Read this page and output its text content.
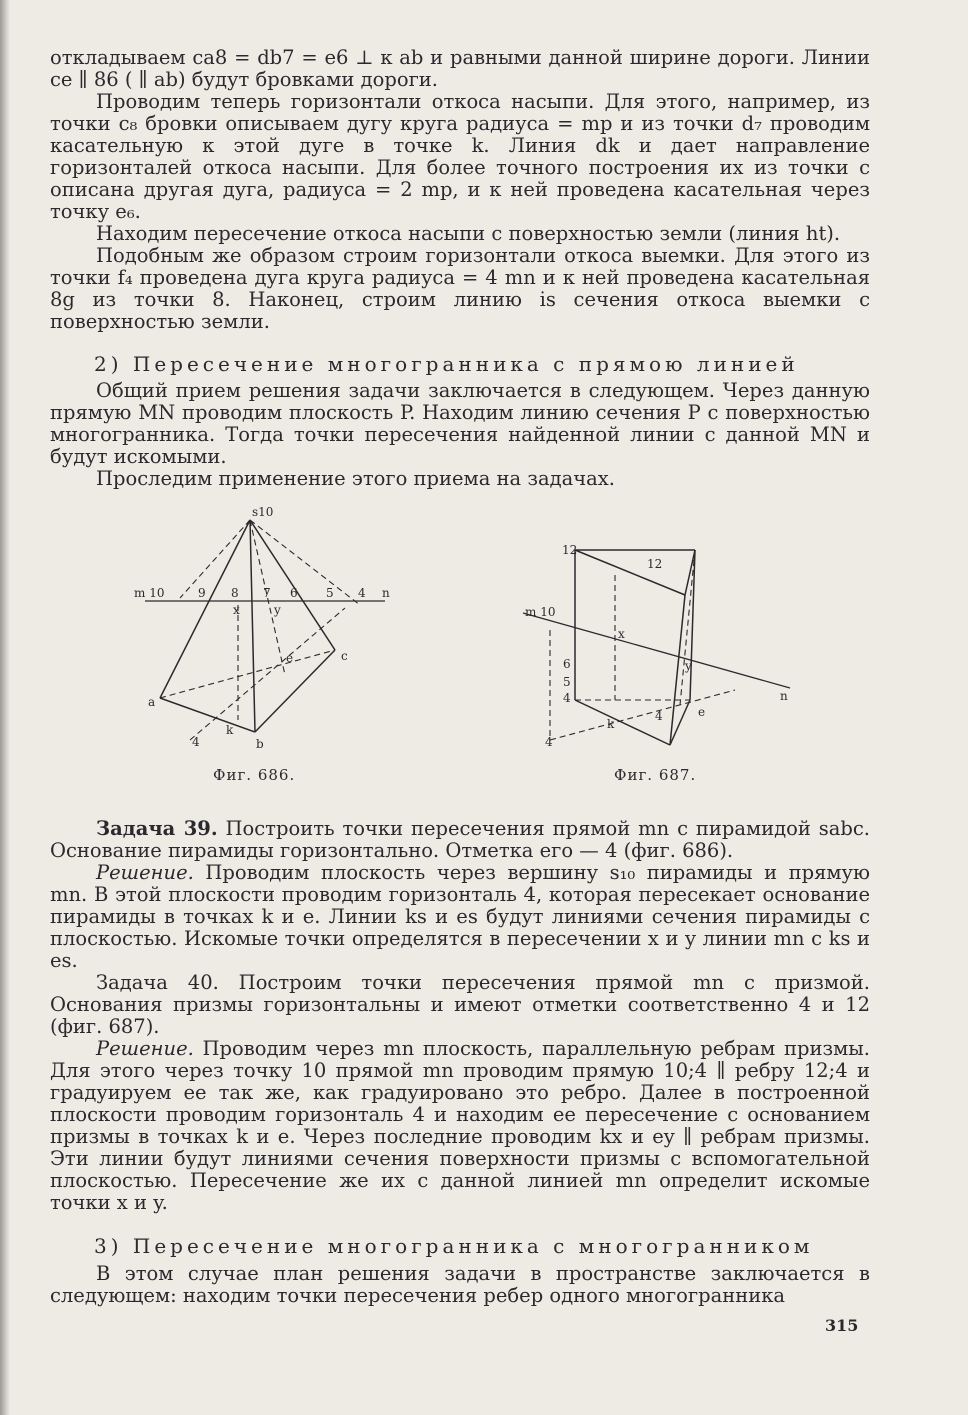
откладываем ca8 = db7 = e6 ⊥ к ab и равными данной ширине дороги. Линии ce ∥ 86 ( ∥ ab) будут бровками дороги.

Проводим теперь горизонтали откоса насыпи. Для этого, например, из точки c₈ бровки описываем дугу круга радиуса = mp и из точки d₇ проводим касательную к этой дуге в точке k. Линия dk и дает направление горизонталей откоса насыпи. Для более точного построения их из точки c описана другая дуга, радиуса = 2 mp, и к ней проведена касательная через точку e₆.

Находим пересечение откоса насыпи с поверхностью земли (линия ht).

Подобным же образом строим горизонтали откоса выемки. Для этого из точки f₄ проведена дуга круга радиуса = 4 mn и к ней проведена касательная 8g из точки 8. Наконец, строим линию is сечения откоса выемки с поверхностью земли.

2) Пересечение многогранника с прямою линией

Общий прием решения задачи заключается в следующем. Через данную прямую MN проводим плоскость P. Находим линию сечения P с поверхностью многогранника. Тогда точки пересечения найденной линии с данной MN и будут искомыми.

Проследим применение этого приема на задачах.

s10
m 10	9 8 7 6 5 4 n
x	y
e	c
a
k
b
4
12
12
m 10
x
y
6
5
4
k
e
4
4
n
Фиг. 686.	Фиг. 687.

Задача 39. Построить точки пересечения прямой mn с пирамидой sabc. Основание пирамиды горизонтально. Отметка его — 4 (фиг. 686).

Решение. Проводим плоскость через вершину s₁₀ пирамиды и прямую mn. В этой плоскости проводим горизонталь 4, которая пересекает основание пирамиды в точках k и e. Линии ks и es будут линиями сечения пирамиды с плоскостью. Искомые точки определятся в пересечении x и y линии mn с ks и es.

Задача 40. Построим точки пересечения прямой mn с призмой. Основания призмы горизонтальны и имеют отметки соответственно 4 и 12 (фиг. 687).

Решение. Проводим через mn плоскость, параллельную ребрам призмы. Для этого через точку 10 прямой mn проводим прямую 10;4 ∥ ребру 12;4 и градуируем ее так же, как градуировано это ребро. Далее в построенной плоскости проводим горизонталь 4 и находим ее пересечение с основанием призмы в точках k и e. Через последние проводим kx и ey ∥ ребрам призмы. Эти линии будут линиями сечения поверхности призмы с вспомогательной плоскостью. Пересечение же их с данной линией mn определит искомые точки x и y.

3) Пересечение многогранника с многогранником

В этом случае план решения задачи в пространстве заключается в следующем: находим точки пересечения ребер одного многогранника

315
